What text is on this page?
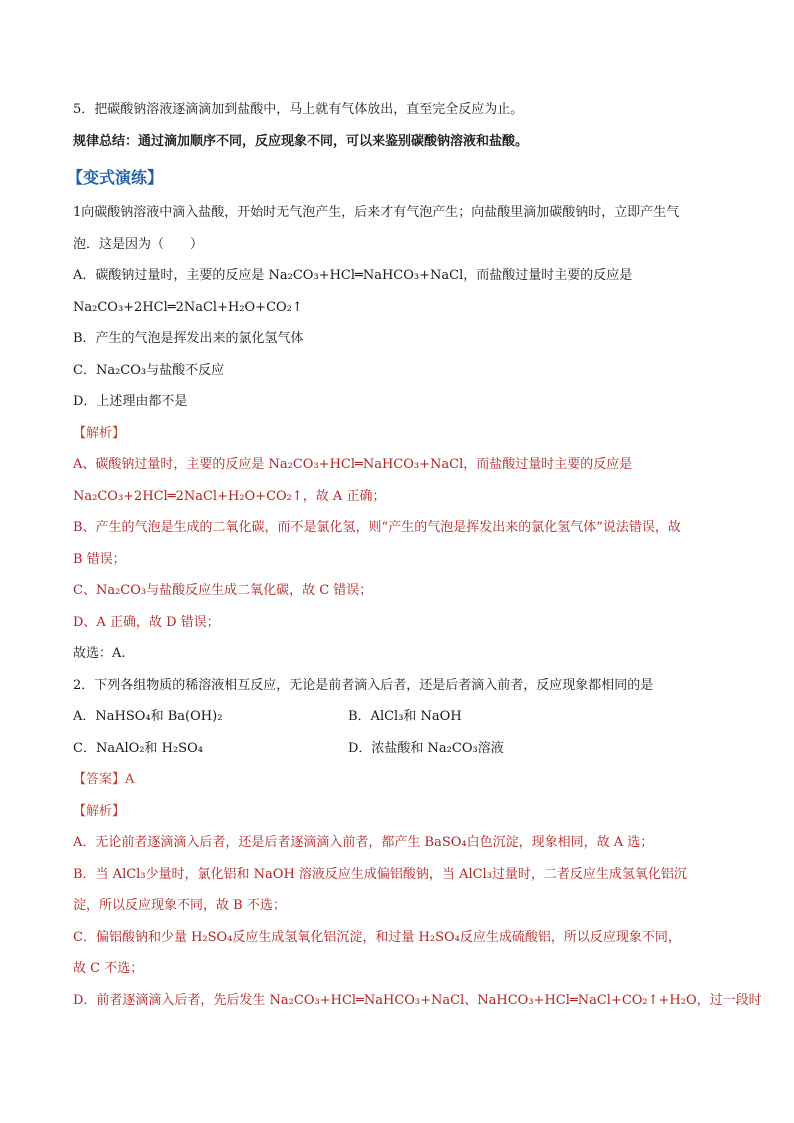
5．把碳酸钠溶液逐滴滴加到盐酸中，马上就有气体放出，直至完全反应为止。
规律总结：通过滴加顺序不同，反应现象不同，可以来鉴别碳酸钠溶液和盐酸。
【变式演练】
1向碳酸钠溶液中滴入盐酸，开始时无气泡产生，后来才有气泡产生；向盐酸里滴加碳酸钠时，立即产生气
泡．这是因为（　　）
A．碳酸钠过量时，主要的反应是 Na₂CO₃+HCl═NaHCO₃+NaCl，而盐酸过量时主要的反应是
Na₂CO₃+2HCl═2NaCl+H₂O+CO₂↑
B．产生的气泡是挥发出来的氯化氢气体
C．Na₂CO₃与盐酸不反应
D．上述理由都不是
【解析】
A、碳酸钠过量时，主要的反应是 Na₂CO₃+HCl═NaHCO₃+NaCl，而盐酸过量时主要的反应是
Na₂CO₃+2HCl═2NaCl+H₂O+CO₂↑，故 A 正确；
B、产生的气泡是生成的二氧化碳，而不是氯化氢，则“产生的气泡是挥发出来的氯化氢气体”说法错误，故
B 错误；
C、Na₂CO₃与盐酸反应生成二氧化碳，故 C 错误；
D、A 正确，故 D 错误；
故选：A.
2．下列各组物质的稀溶液相互反应，无论是前者滴入后者，还是后者滴入前者，反应现象都相同的是
A．NaHSO₄和 Ba(OH)₂	B．AlCl₃和 NaOH
C．NaAlO₂和 H₂SO₄	D．浓盐酸和 Na₂CO₃溶液
【答案】A
【解析】
A．无论前者逐滴滴入后者，还是后者逐滴滴入前者，都产生 BaSO₄白色沉淀，现象相同，故 A 选；
B．当 AlCl₃少量时，氯化铝和 NaOH 溶液反应生成偏铝酸钠，当 AlCl₃过量时，二者反应生成氢氧化铝沉
淀，所以反应现象不同，故 B 不选；
C．偏铝酸钠和少量 H₂SO₄反应生成氢氧化铝沉淀，和过量 H₂SO₄反应生成硫酸铝，所以反应现象不同，
故 C 不选；
D．前者逐滴滴入后者，先后发生 Na₂CO₃+HCl═NaHCO₃+NaCl、NaHCO₃+HCl═NaCl+CO₂↑+H₂O，过一段时
